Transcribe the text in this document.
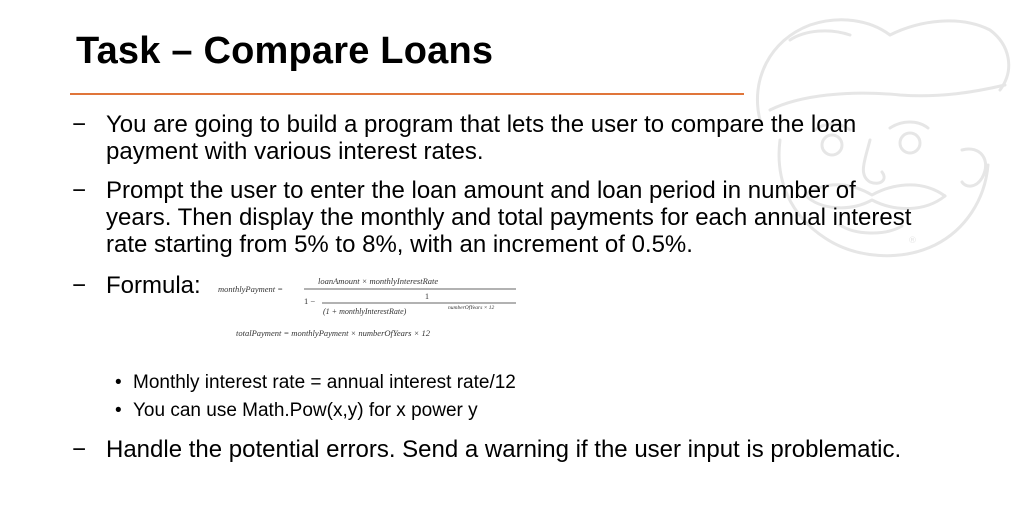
®
Task – Compare Loans
− You are going to build a program that lets the user to compare the loan payment with various interest rates.
− Prompt the user to enter the loan amount and loan period in number of years. Then display the monthly and total payments for each annual interest rate starting from 5% to 8%, with an increment of 0.5%.
− Formula:	monthlyPayment =
loanAmount × monthlyInterestRate
1 −	1
(1 + monthlyInterestRate)	numberOfYears × 12
totalPayment = monthlyPayment × numberOfYears × 12
• Monthly interest rate = annual interest rate/12
• You can use Math.Pow(x,y) for x power y
− Handle the potential errors. Send a warning if the user input is problematic.
